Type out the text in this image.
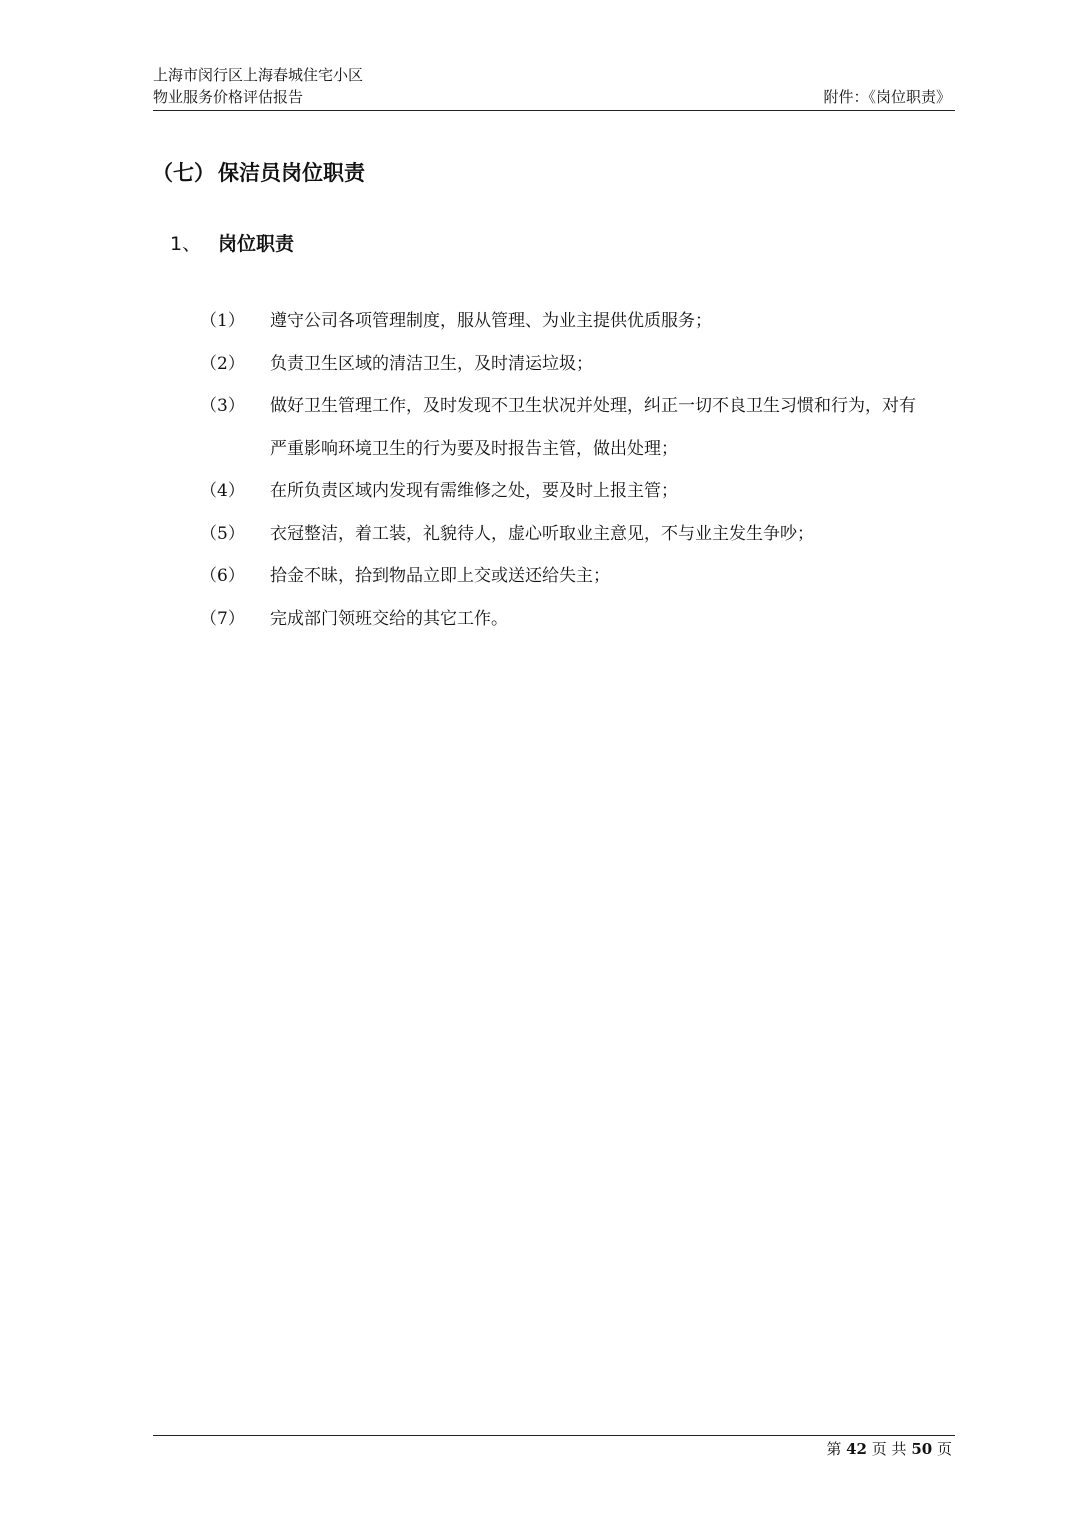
上海市闵行区上海春城住宅小区
物业服务价格评估报告	附件：《岗位职责》
（七） 保洁员岗位职责
1、 岗位职责
（1）	遵守公司各项管理制度，服从管理、为业主提供优质服务；
（2）	负责卫生区域的清洁卫生，及时清运垃圾；
（3）	做好卫生管理工作，及时发现不卫生状况并处理，纠正一切不良卫生习惯和行为，对有严重影响环境卫生的行为要及时报告主管，做出处理；
（4）	在所负责区域内发现有需维修之处，要及时上报主管；
（5）	衣冠整洁，着工装，礼貌待人，虚心听取业主意见，不与业主发生争吵；
（6）	拾金不昧，拾到物品立即上交或送还给失主；
（7）	完成部门领班交给的其它工作。
第 42 页 共 50 页
